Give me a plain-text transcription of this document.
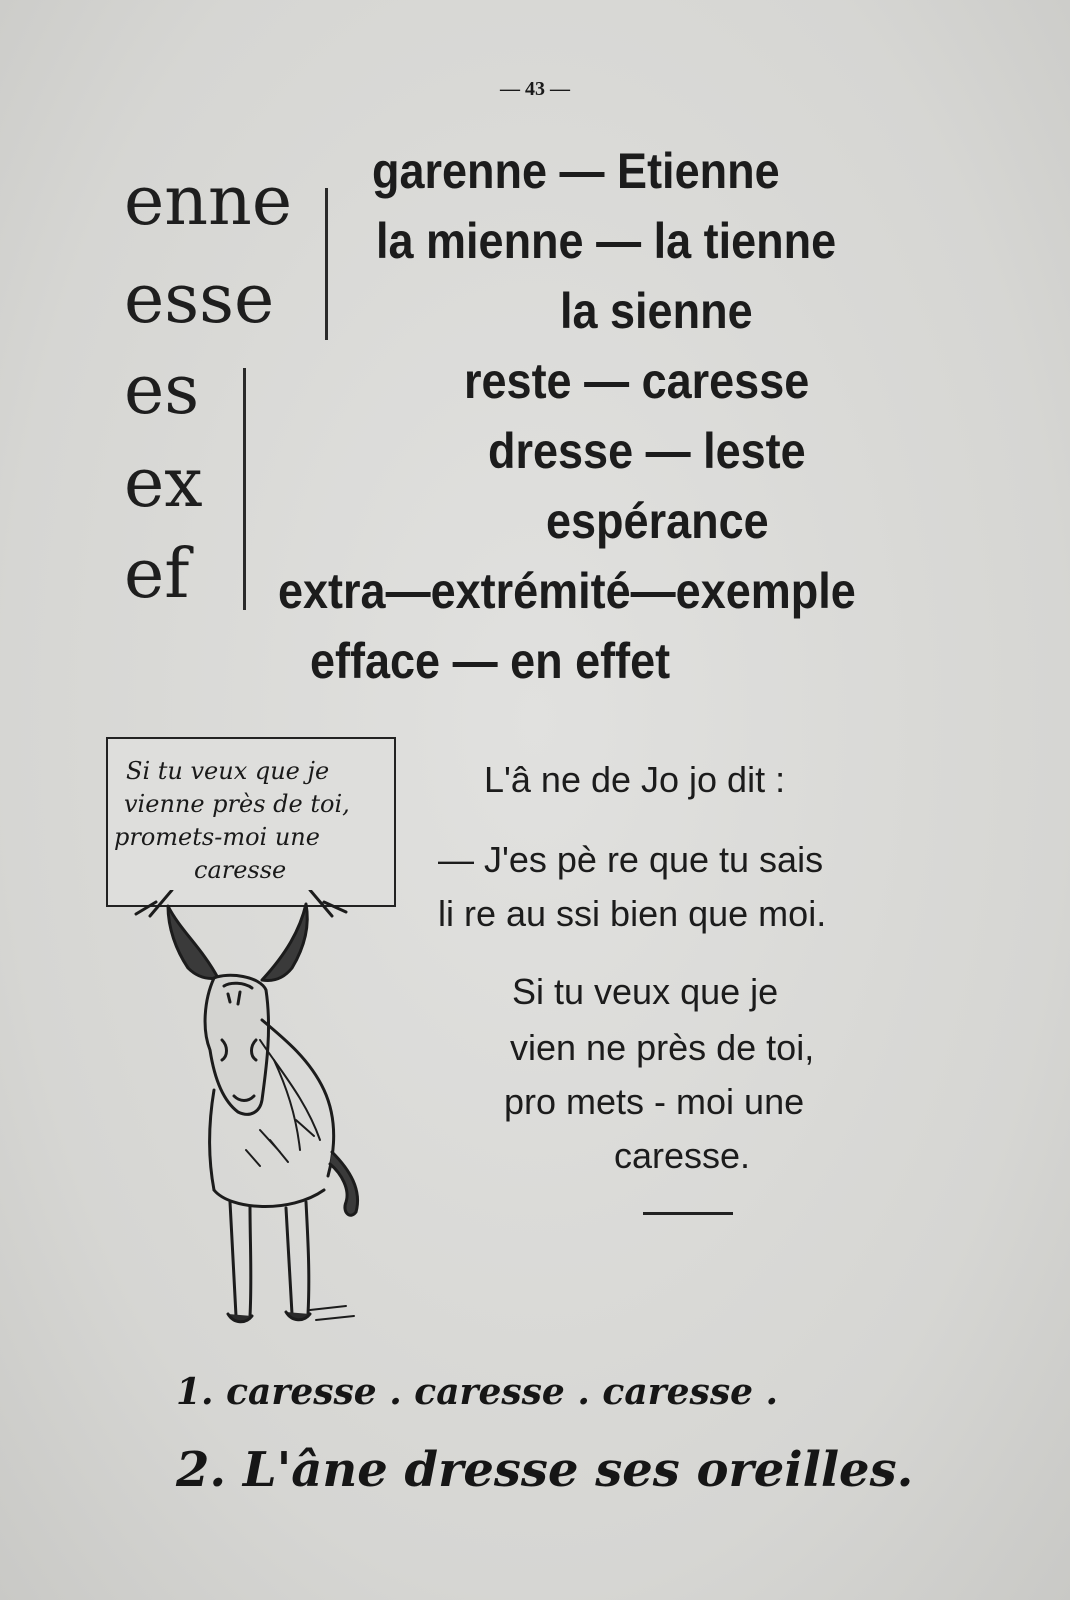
— 43 —
enne
esse
es
ex
ef
garenne — Etienne
la mienne — la tienne
la sienne
reste — caresse
dresse — leste
espérance
extra—extrémité—exemple
efface — en effet
Si tu veux que je
vienne près de toi,
promets-moi une
caresse
L'â ne de Jo jo dit :
— J'es pè re que tu sais
li re au ssi bien que moi.
Si tu veux que je
vien ne près de toi,
pro mets - moi une
caresse.
1. caresse . caresse . caresse .
2. L'âne dresse ses oreilles.
